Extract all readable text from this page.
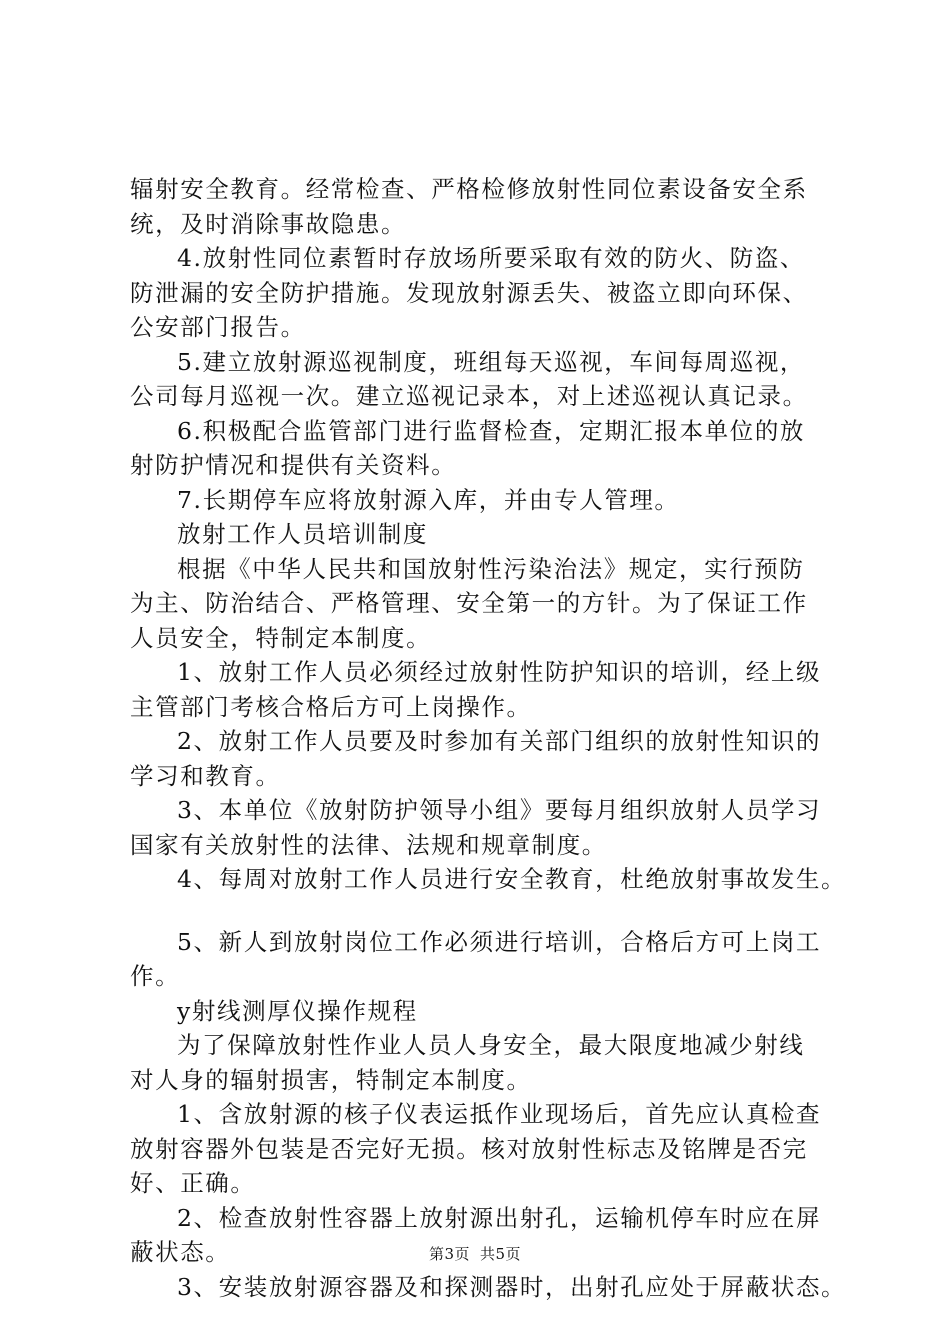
辐射安全教育。经常检查、严格检修放射性同位素设备安全系
统，及时消除事故隐患。
4.放射性同位素暂时存放场所要采取有效的防火、防盗、
防泄漏的安全防护措施。发现放射源丢失、被盗立即向环保、
公安部门报告。
5.建立放射源巡视制度，班组每天巡视，车间每周巡视，
公司每月巡视一次。建立巡视记录本，对上述巡视认真记录。
6.积极配合监管部门进行监督检查，定期汇报本单位的放
射防护情况和提供有关资料。
7.长期停车应将放射源入库，并由专人管理。
放射工作人员培训制度
根据《中华人民共和国放射性污染治法》规定，实行预防
为主、防治结合、严格管理、安全第一的方针。为了保证工作
人员安全，特制定本制度。
1、放射工作人员必须经过放射性防护知识的培训，经上级
主管部门考核合格后方可上岗操作。
2、放射工作人员要及时参加有关部门组织的放射性知识的
学习和教育。
3、本单位《放射防护领导小组》要每月组织放射人员学习
国家有关放射性的法律、法规和规章制度。
4、每周对放射工作人员进行安全教育，杜绝放射事故发生。
5、新人到放射岗位工作必须进行培训，合格后方可上岗工
作。
y射线测厚仪操作规程
为了保障放射性作业人员人身安全，最大限度地减少射线
对人身的辐射损害，特制定本制度。
1、含放射源的核子仪表运抵作业现场后，首先应认真检查
放射容器外包装是否完好无损。核对放射性标志及铭牌是否完
好、正确。
2、检查放射性容器上放射源出射孔，运输机停车时应在屏
蔽状态。
3、安装放射源容器及和探测器时，出射孔应处于屏蔽状态。
第3页 共5页
